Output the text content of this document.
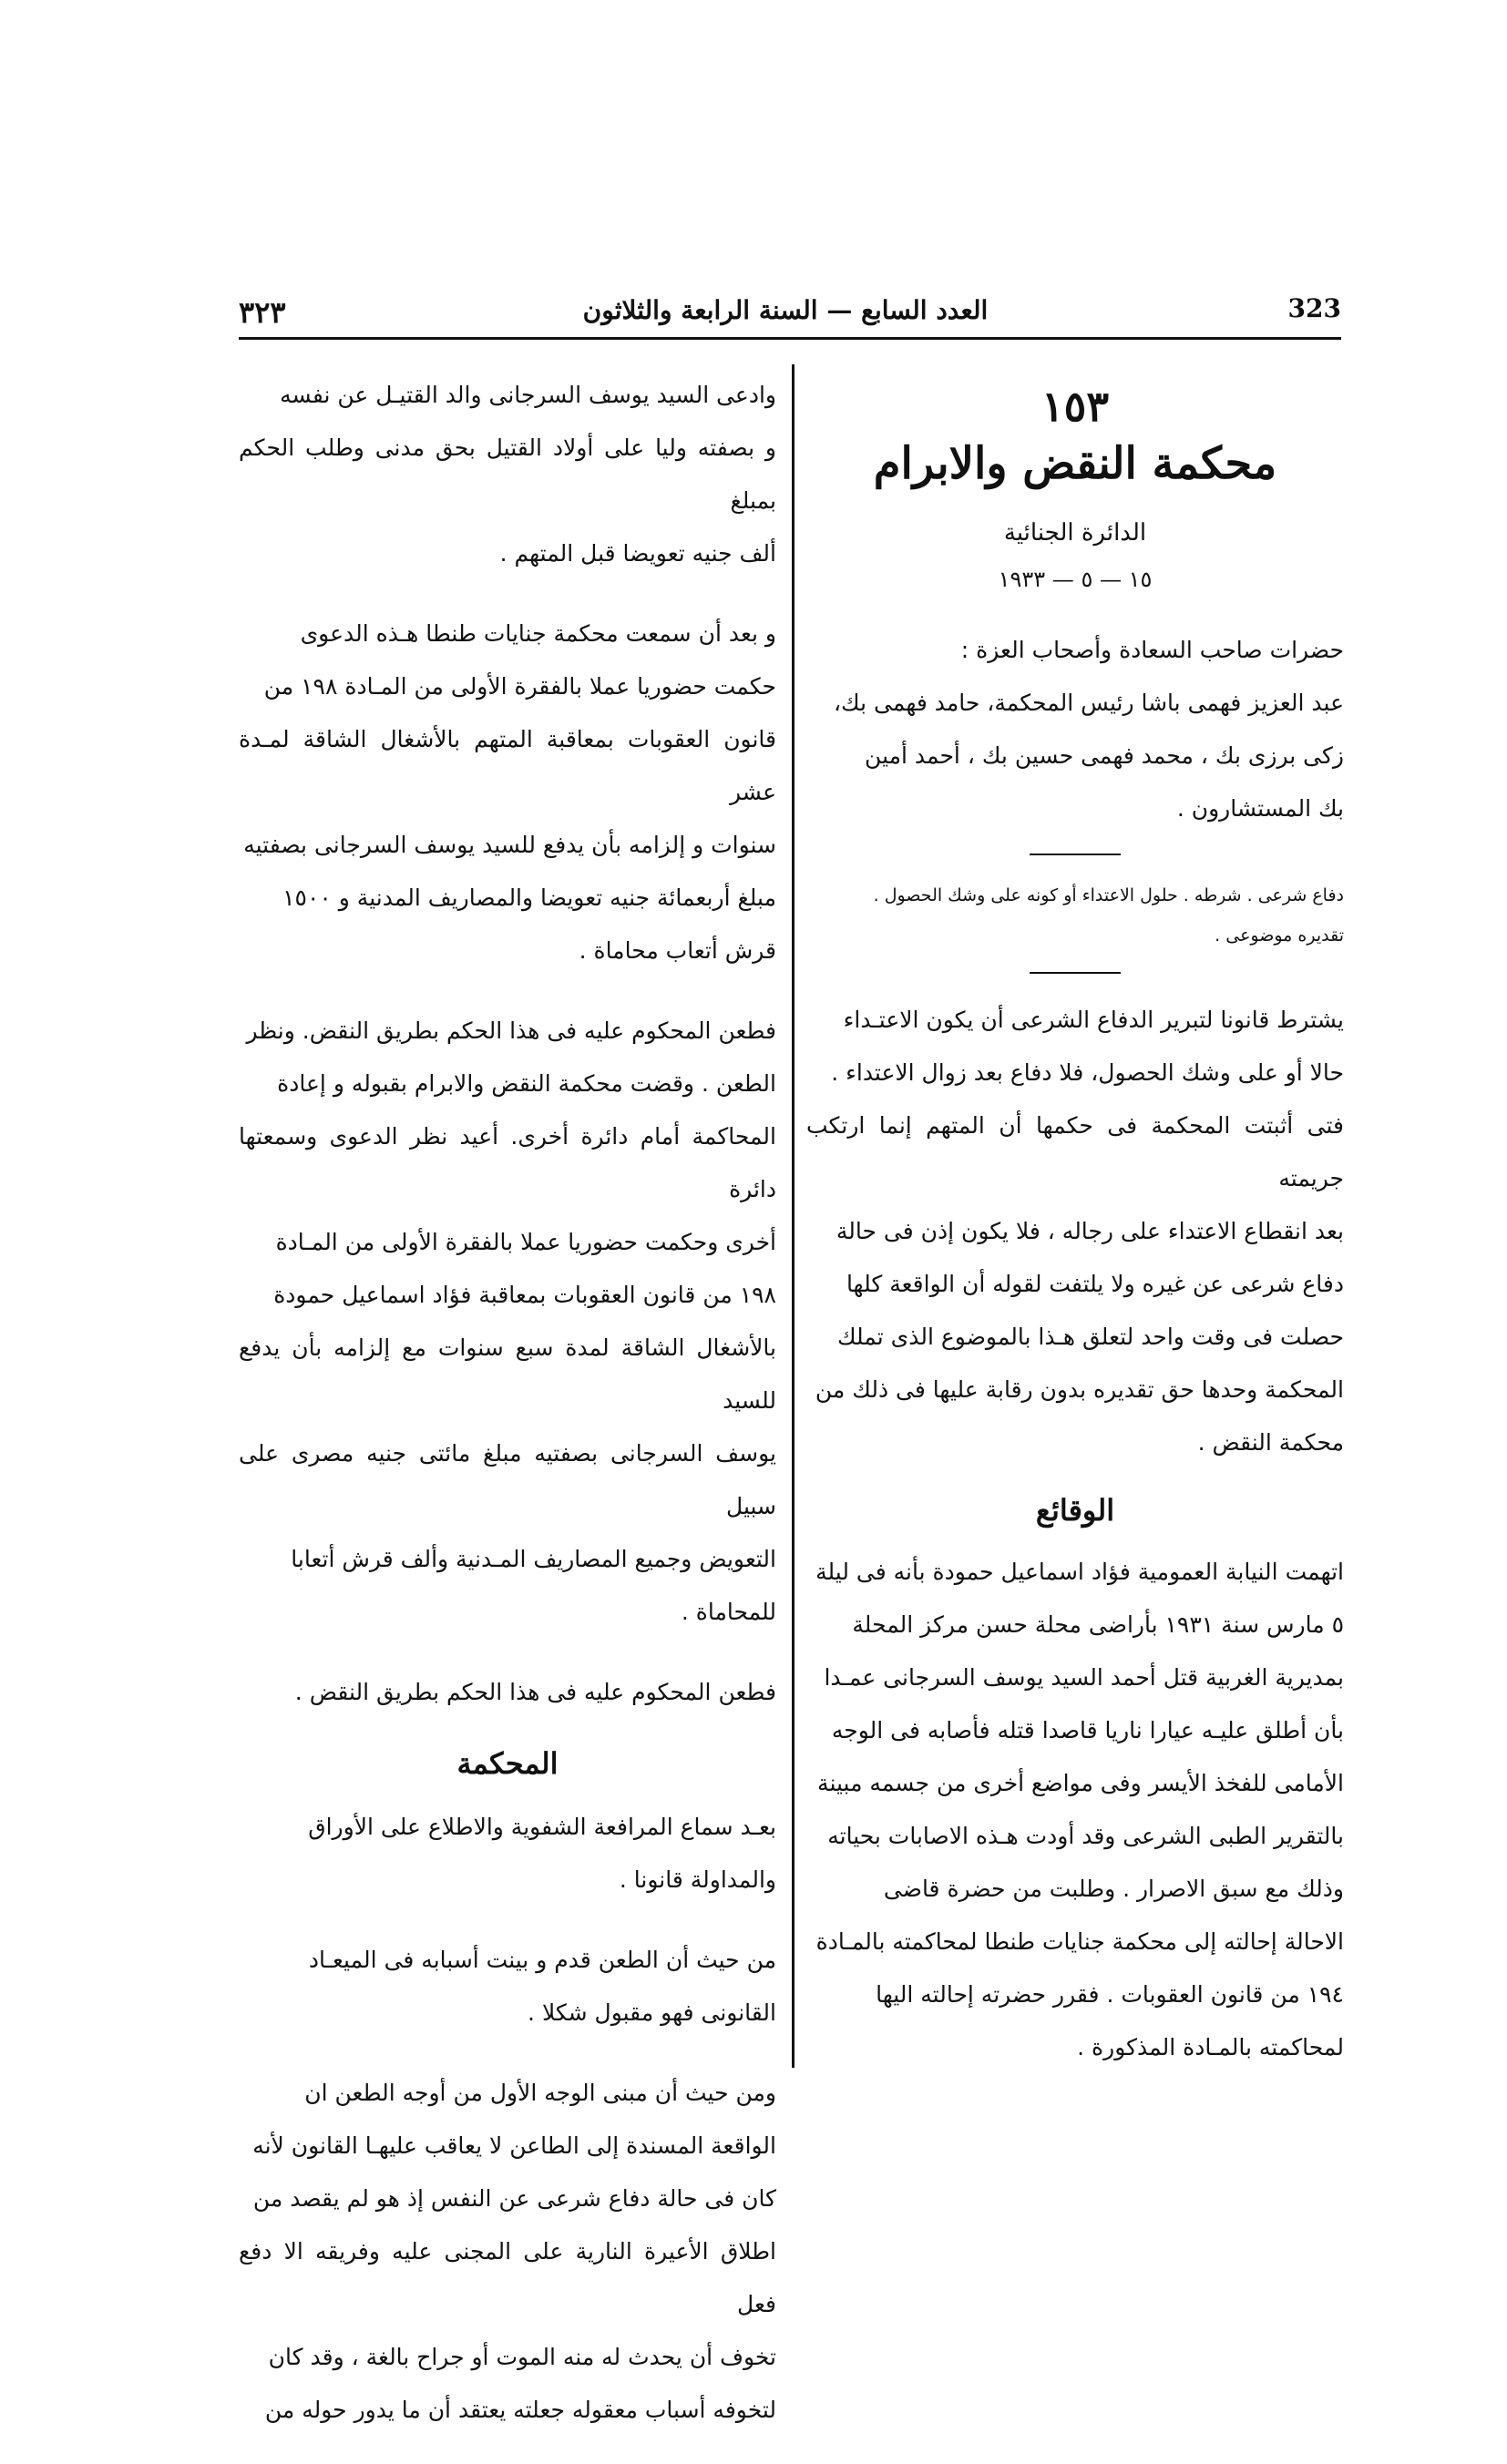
٣٢٣	العدد السابع — السنة الرابعة والثلاثون	323
١٥٣
محكمة النقض والابرام
الدائرة الجنائية
١٥ — ٥ — ١٩٣٣
حضرات صاحب السعادة وأصحاب العزة :
عبد العزيز فهمى باشا رئيس المحكمة، حامد فهمى بك،
زكى برزى بك ، محمد فهمى حسين بك ، أحمد أمين
بك المستشارون .
دفاع شرعى . شرطه . حلول الاعتداء أو كونه على وشك الحصول .
تقديره موضوعى .
يشترط قانونا لتبرير الدفاع الشرعى أن يكون الاعتـداء
حالا أو على وشك الحصول، فلا دفاع بعد زوال الاعتداء .
فتى أثبتت المحكمة فى حكمها أن المتهم إنما ارتكب جريمته
بعد انقطاع الاعتداء على رجاله ، فلا يكون إذن فى حالة
دفاع شرعى عن غيره ولا يلتفت لقوله أن الواقعة كلها
حصلت فى وقت واحد لتعلق هـذا بالموضوع الذى تملك
المحكمة وحدها حق تقديره بدون رقابة عليها فى ذلك من
محكمة النقض .
الوقائع
اتهمت النيابة العمومية فؤاد اسماعيل حمودة بأنه فى ليلة
٥ مارس سنة ١٩٣١ بأراضى محلة حسن مركز المحلة
بمديرية الغربية قتل أحمد السيد يوسف السرجانى عمـدا
بأن أطلق عليـه عيارا ناريا قاصدا قتله فأصابه فى الوجه
الأمامى للفخذ الأيسر وفى مواضع أخرى من جسمه مبينة
بالتقرير الطبى الشرعى وقد أودت هـذه الاصابات بحياته
وذلك مع سبق الاصرار . وطلبت من حضرة قاضى
الاحالة إحالته إلى محكمة جنايات طنطا لمحاكمته بالمـادة
١٩٤ من قانون العقوبات . فقرر حضرته إحالته اليها
لمحاكمته بالمـادة المذكورة .
وادعى السيد يوسف السرجانى والد القتيـل عن نفسه
و بصفته وليا على أولاد القتيل بحق مدنى وطلب الحكم بمبلغ
ألف جنيه تعويضا قبل المتهم .
و بعد أن سمعت محكمة جنايات طنطا هـذه الدعوى
حكمت حضوريا عملا بالفقرة الأولى من المـادة ١٩٨ من
قانون العقوبات بمعاقبة المتهم بالأشغال الشاقة لمـدة عشر
سنوات و إلزامه بأن يدفع للسيد يوسف السرجانى بصفتيه
مبلغ أربعمائة جنيه تعويضا والمصاريف المدنية و ١٥٠٠
قرش أتعاب محاماة .
فطعن المحكوم عليه فى هذا الحكم بطريق النقض. ونظر
الطعن . وقضت محكمة النقض والابرام بقبوله و إعادة
المحاكمة أمام دائرة أخرى. أعيد نظر الدعوى وسمعتها دائرة
أخرى وحكمت حضوريا عملا بالفقرة الأولى من المـادة
١٩٨ من قانون العقوبات بمعاقبة فؤاد اسماعيل حمودة
بالأشغال الشاقة لمدة سبع سنوات مع إلزامه بأن يدفع للسيد
يوسف السرجانى بصفتيه مبلغ مائتى جنيه مصرى على سبيل
التعويض وجميع المصاريف المـدنية وألف قرش أتعابا
للمحاماة .
فطعن المحكوم عليه فى هذا الحكم بطريق النقض .
المحكمة
بعـد سماع المرافعة الشفوية والاطلاع على الأوراق
والمداولة قانونا .
من حيث أن الطعن قدم و بينت أسبابه فى الميعـاد
القانونى فهو مقبول شكلا .
ومن حيث أن مبنى الوجه الأول من أوجه الطعن ان
الواقعة المسندة إلى الطاعن لا يعاقب عليهـا القانون لأنه
كان فى حالة دفاع شرعى عن النفس إذ هو لم يقصد من
اطلاق الأعيرة النارية على المجنى عليه وفريقه الا دفع فعل
تخوف أن يحدث له منه الموت أو جراح بالغة ، وقد كان
لتخوفه أسباب معقوله جعلته يعتقد أن ما يدور حوله من
